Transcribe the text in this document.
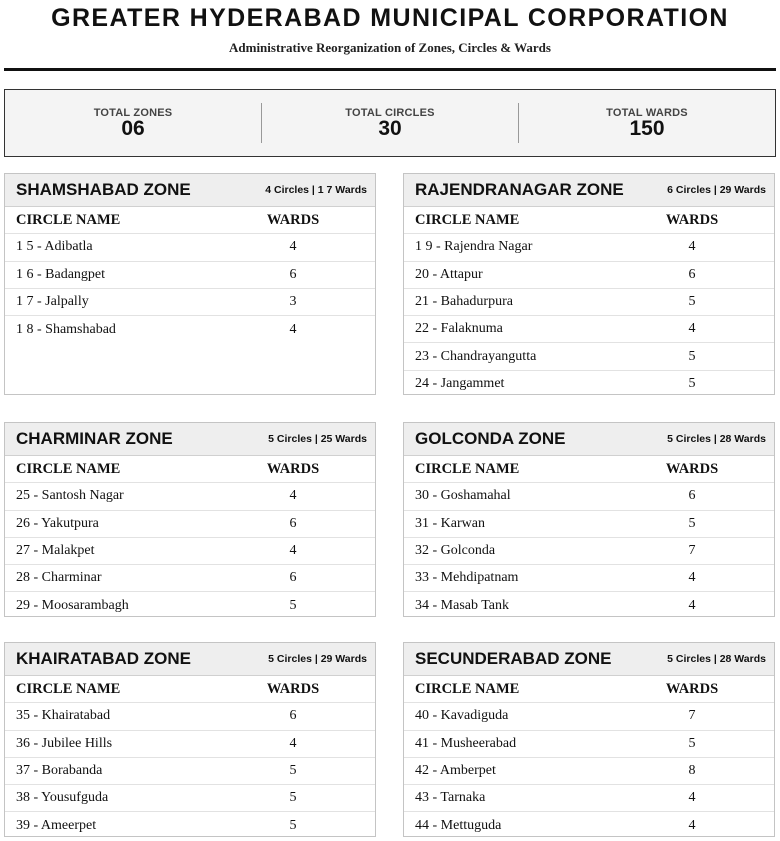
GREATER HYDERABAD MUNICIPAL CORPORATION
Administrative Reorganization of Zones, Circles & Wards
TOTAL ZONES
06
TOTAL CIRCLES
30
TOTAL WARDS
150
SHAMSHABAD ZONE	4 Circles | 1 7 Wards
CIRCLE NAME	WARDS
1 5 - Adibatla	4
1 6 - Badangpet	6
1 7 - Jalpally	3
1 8 - Shamshabad	4
RAJENDRANAGAR ZONE	6 Circles | 29 Wards
CIRCLE NAME	WARDS
1 9 - Rajendra Nagar	4
20 - Attapur	6
21 - Bahadurpura	5
22 - Falaknuma	4
23 - Chandrayangutta	5
24 - Jangammet	5
CHARMINAR ZONE	5 Circles | 25 Wards
CIRCLE NAME	WARDS
25 - Santosh Nagar	4
26 - Yakutpura	6
27 - Malakpet	4
28 - Charminar	6
29 - Moosarambagh	5
GOLCONDA ZONE	5 Circles | 28 Wards
CIRCLE NAME	WARDS
30 - Goshamahal	6
31 - Karwan	5
32 - Golconda	7
33 - Mehdipatnam	4
34 - Masab Tank	4
KHAIRATABAD ZONE	5 Circles | 29 Wards
CIRCLE NAME	WARDS
35 - Khairatabad	6
36 - Jubilee Hills	4
37 - Borabanda	5
38 - Yousufguda	5
39 - Ameerpet	5
SECUNDERABAD ZONE	5 Circles | 28 Wards
CIRCLE NAME	WARDS
40 - Kavadiguda	7
41 - Musheerabad	5
42 - Amberpet	8
43 - Tarnaka	4
44 - Mettuguda	4
